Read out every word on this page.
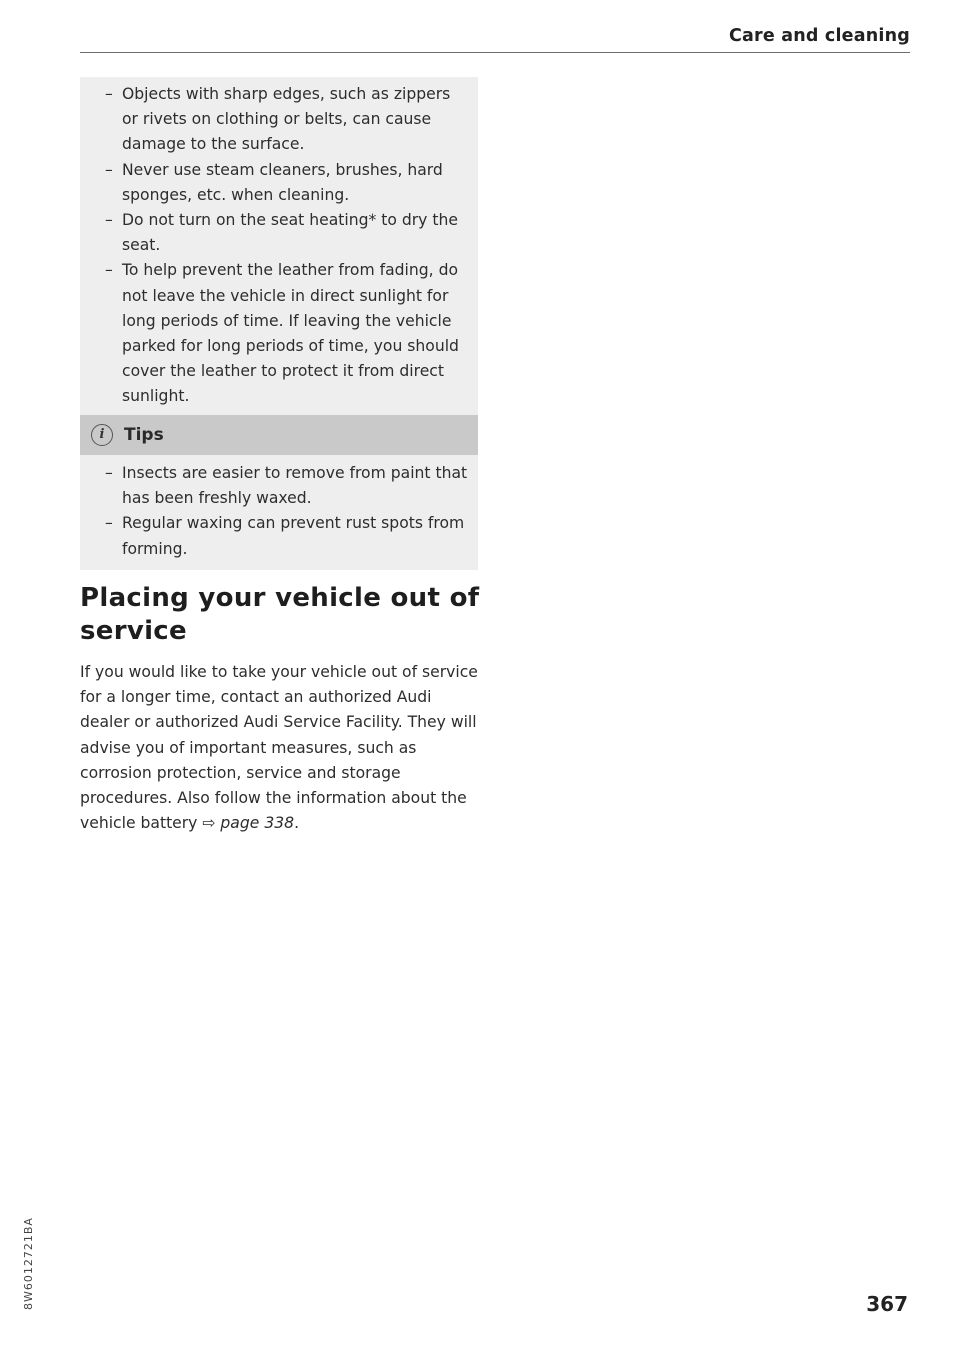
Care and cleaning
– Objects with sharp edges, such as zippers or rivets on clothing or belts, can cause damage to the surface.
– Never use steam cleaners, brushes, hard sponges, etc. when cleaning.
– Do not turn on the seat heating* to dry the seat.
– To help prevent the leather from fading, do not leave the vehicle in direct sunlight for long periods of time. If leaving the vehicle parked for long periods of time, you should cover the leather to protect it from direct sunlight.
i	Tips
– Insects are easier to remove from paint that has been freshly waxed.
– Regular waxing can prevent rust spots from forming.
Placing your vehicle out of service
If you would like to take your vehicle out of service for a longer time, contact an authorized Audi dealer or authorized Audi Service Facility. They will advise you of important measures, such as corrosion protection, service and storage procedures. Also follow the information about the vehicle battery ⇨ page 338.
8W6012721BA	367
